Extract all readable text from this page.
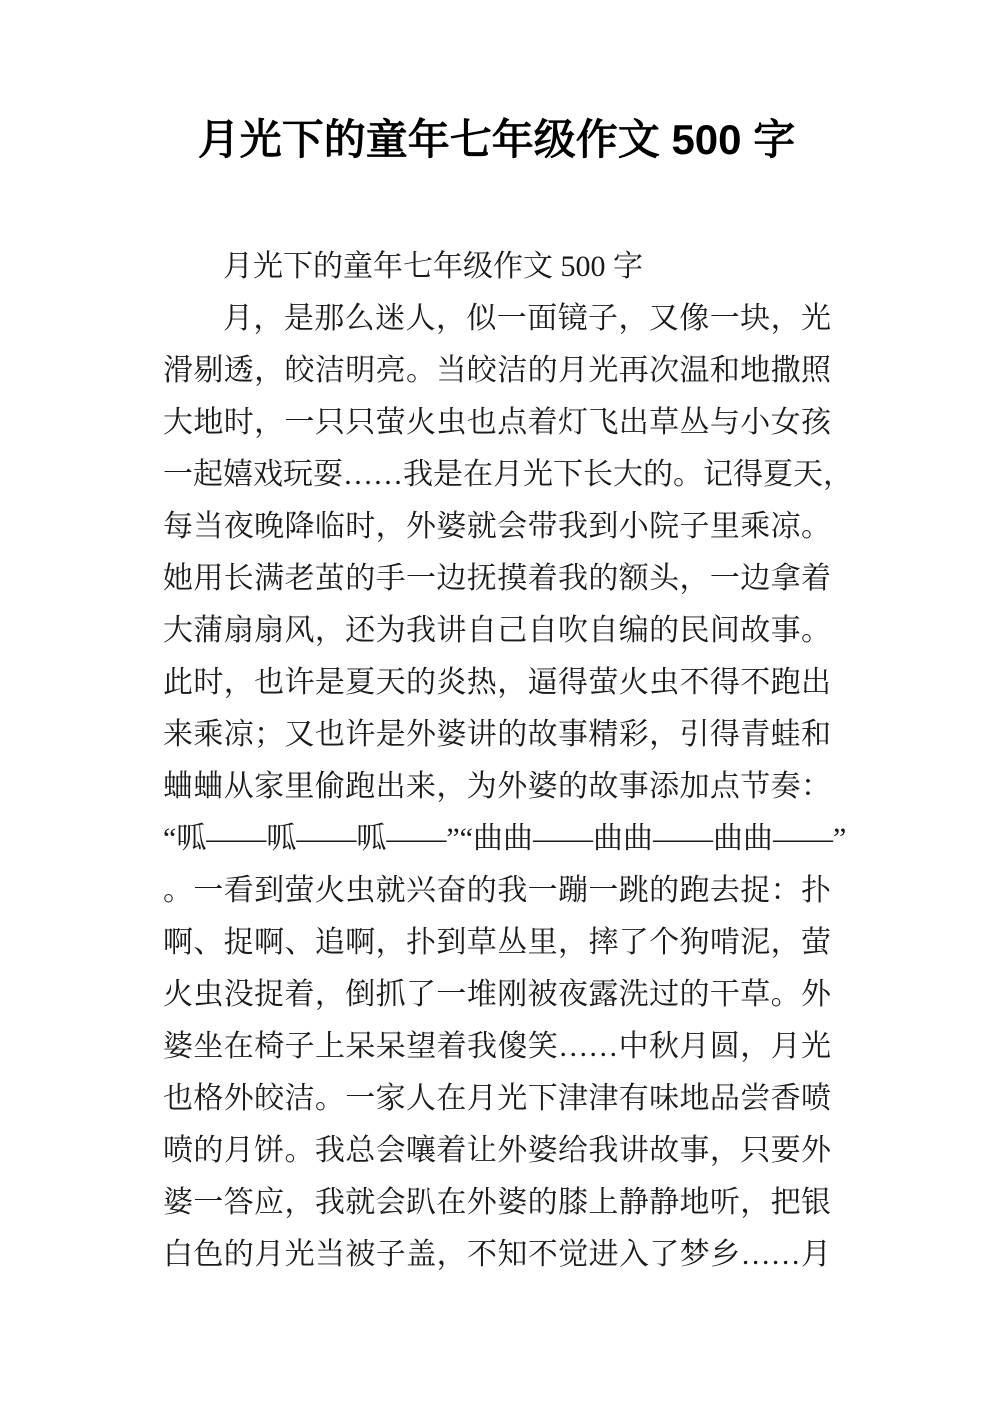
月光下的童年七年级作文 500 字
月光下的童年七年级作文 500 字
月，是那么迷人，似一面镜子，又像一块，光
滑剔透，皎洁明亮。当皎洁的月光再次温和地撒照
大地时，一只只萤火虫也点着灯飞出草丛与小女孩
一起嬉戏玩耍……我是在月光下长大的。记得夏天，
每当夜晚降临时，外婆就会带我到小院子里乘凉。
她用长满老茧的手一边抚摸着我的额头，一边拿着
大蒲扇扇风，还为我讲自己自吹自编的民间故事。
此时，也许是夏天的炎热，逼得萤火虫不得不跑出
来乘凉；又也许是外婆讲的故事精彩，引得青蛙和
蛐蛐从家里偷跑出来，为外婆的故事添加点节奏：
“呱——呱——呱——”“曲曲——曲曲——曲曲——”
。一看到萤火虫就兴奋的我一蹦一跳的跑去捉：扑
啊、捉啊、追啊，扑到草丛里，摔了个狗啃泥，萤
火虫没捉着，倒抓了一堆刚被夜露洗过的干草。外
婆坐在椅子上呆呆望着我傻笑……中秋月圆，月光
也格外皎洁。一家人在月光下津津有味地品尝香喷
喷的月饼。我总会嚷着让外婆给我讲故事，只要外
婆一答应，我就会趴在外婆的膝上静静地听，把银
白色的月光当被子盖，不知不觉进入了梦乡……月
